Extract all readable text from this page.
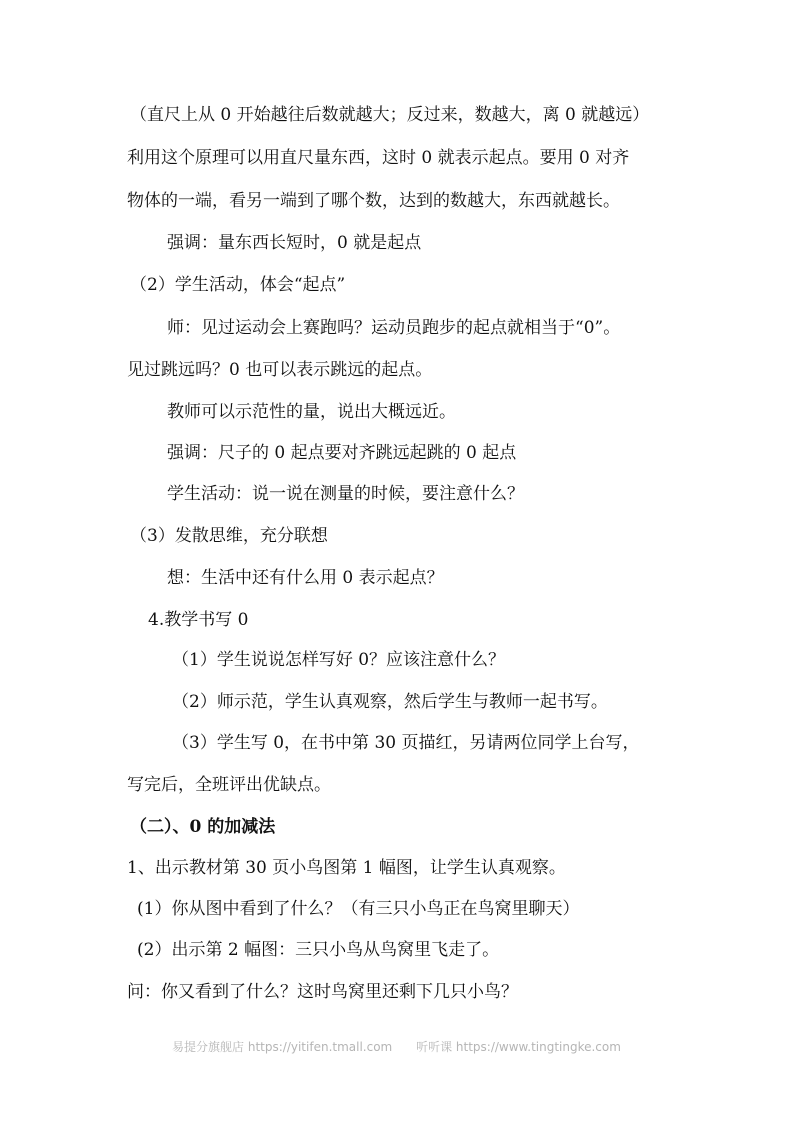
（直尺上从 0 开始越往后数就越大；反过来，数越大，离 0 就越远）
利用这个原理可以用直尺量东西，这时 0 就表示起点。要用 0 对齐
物体的一端，看另一端到了哪个数，达到的数越大，东西就越长。
强调：量东西长短时，0 就是起点
（2）学生活动，体会“起点”
师：见过运动会上赛跑吗？运动员跑步的起点就相当于“0”。
见过跳远吗？0 也可以表示跳远的起点。
教师可以示范性的量，说出大概远近。
强调：尺子的 0 起点要对齐跳远起跳的 0 起点
学生活动：说一说在测量的时候，要注意什么？
（3）发散思维，充分联想
想：生活中还有什么用 0 表示起点？
4.教学书写 0
（1）学生说说怎样写好 0？应该注意什么？
（2）师示范，学生认真观察，然后学生与教师一起书写。
（3）学生写 0，在书中第 30 页描红，另请两位同学上台写，
写完后，全班评出优缺点。
（二）、0 的加减法
1、出示教材第 30 页小鸟图第 1 幅图，让学生认真观察。
(1）你从图中看到了什么？（有三只小鸟正在鸟窝里聊天）
(2）出示第 2 幅图：三只小鸟从鸟窝里飞走了。
问：你又看到了什么？这时鸟窝里还剩下几只小鸟？
易提分旗舰店 https://yitifen.tmall.com 听听课 https://www.tingtingke.com
